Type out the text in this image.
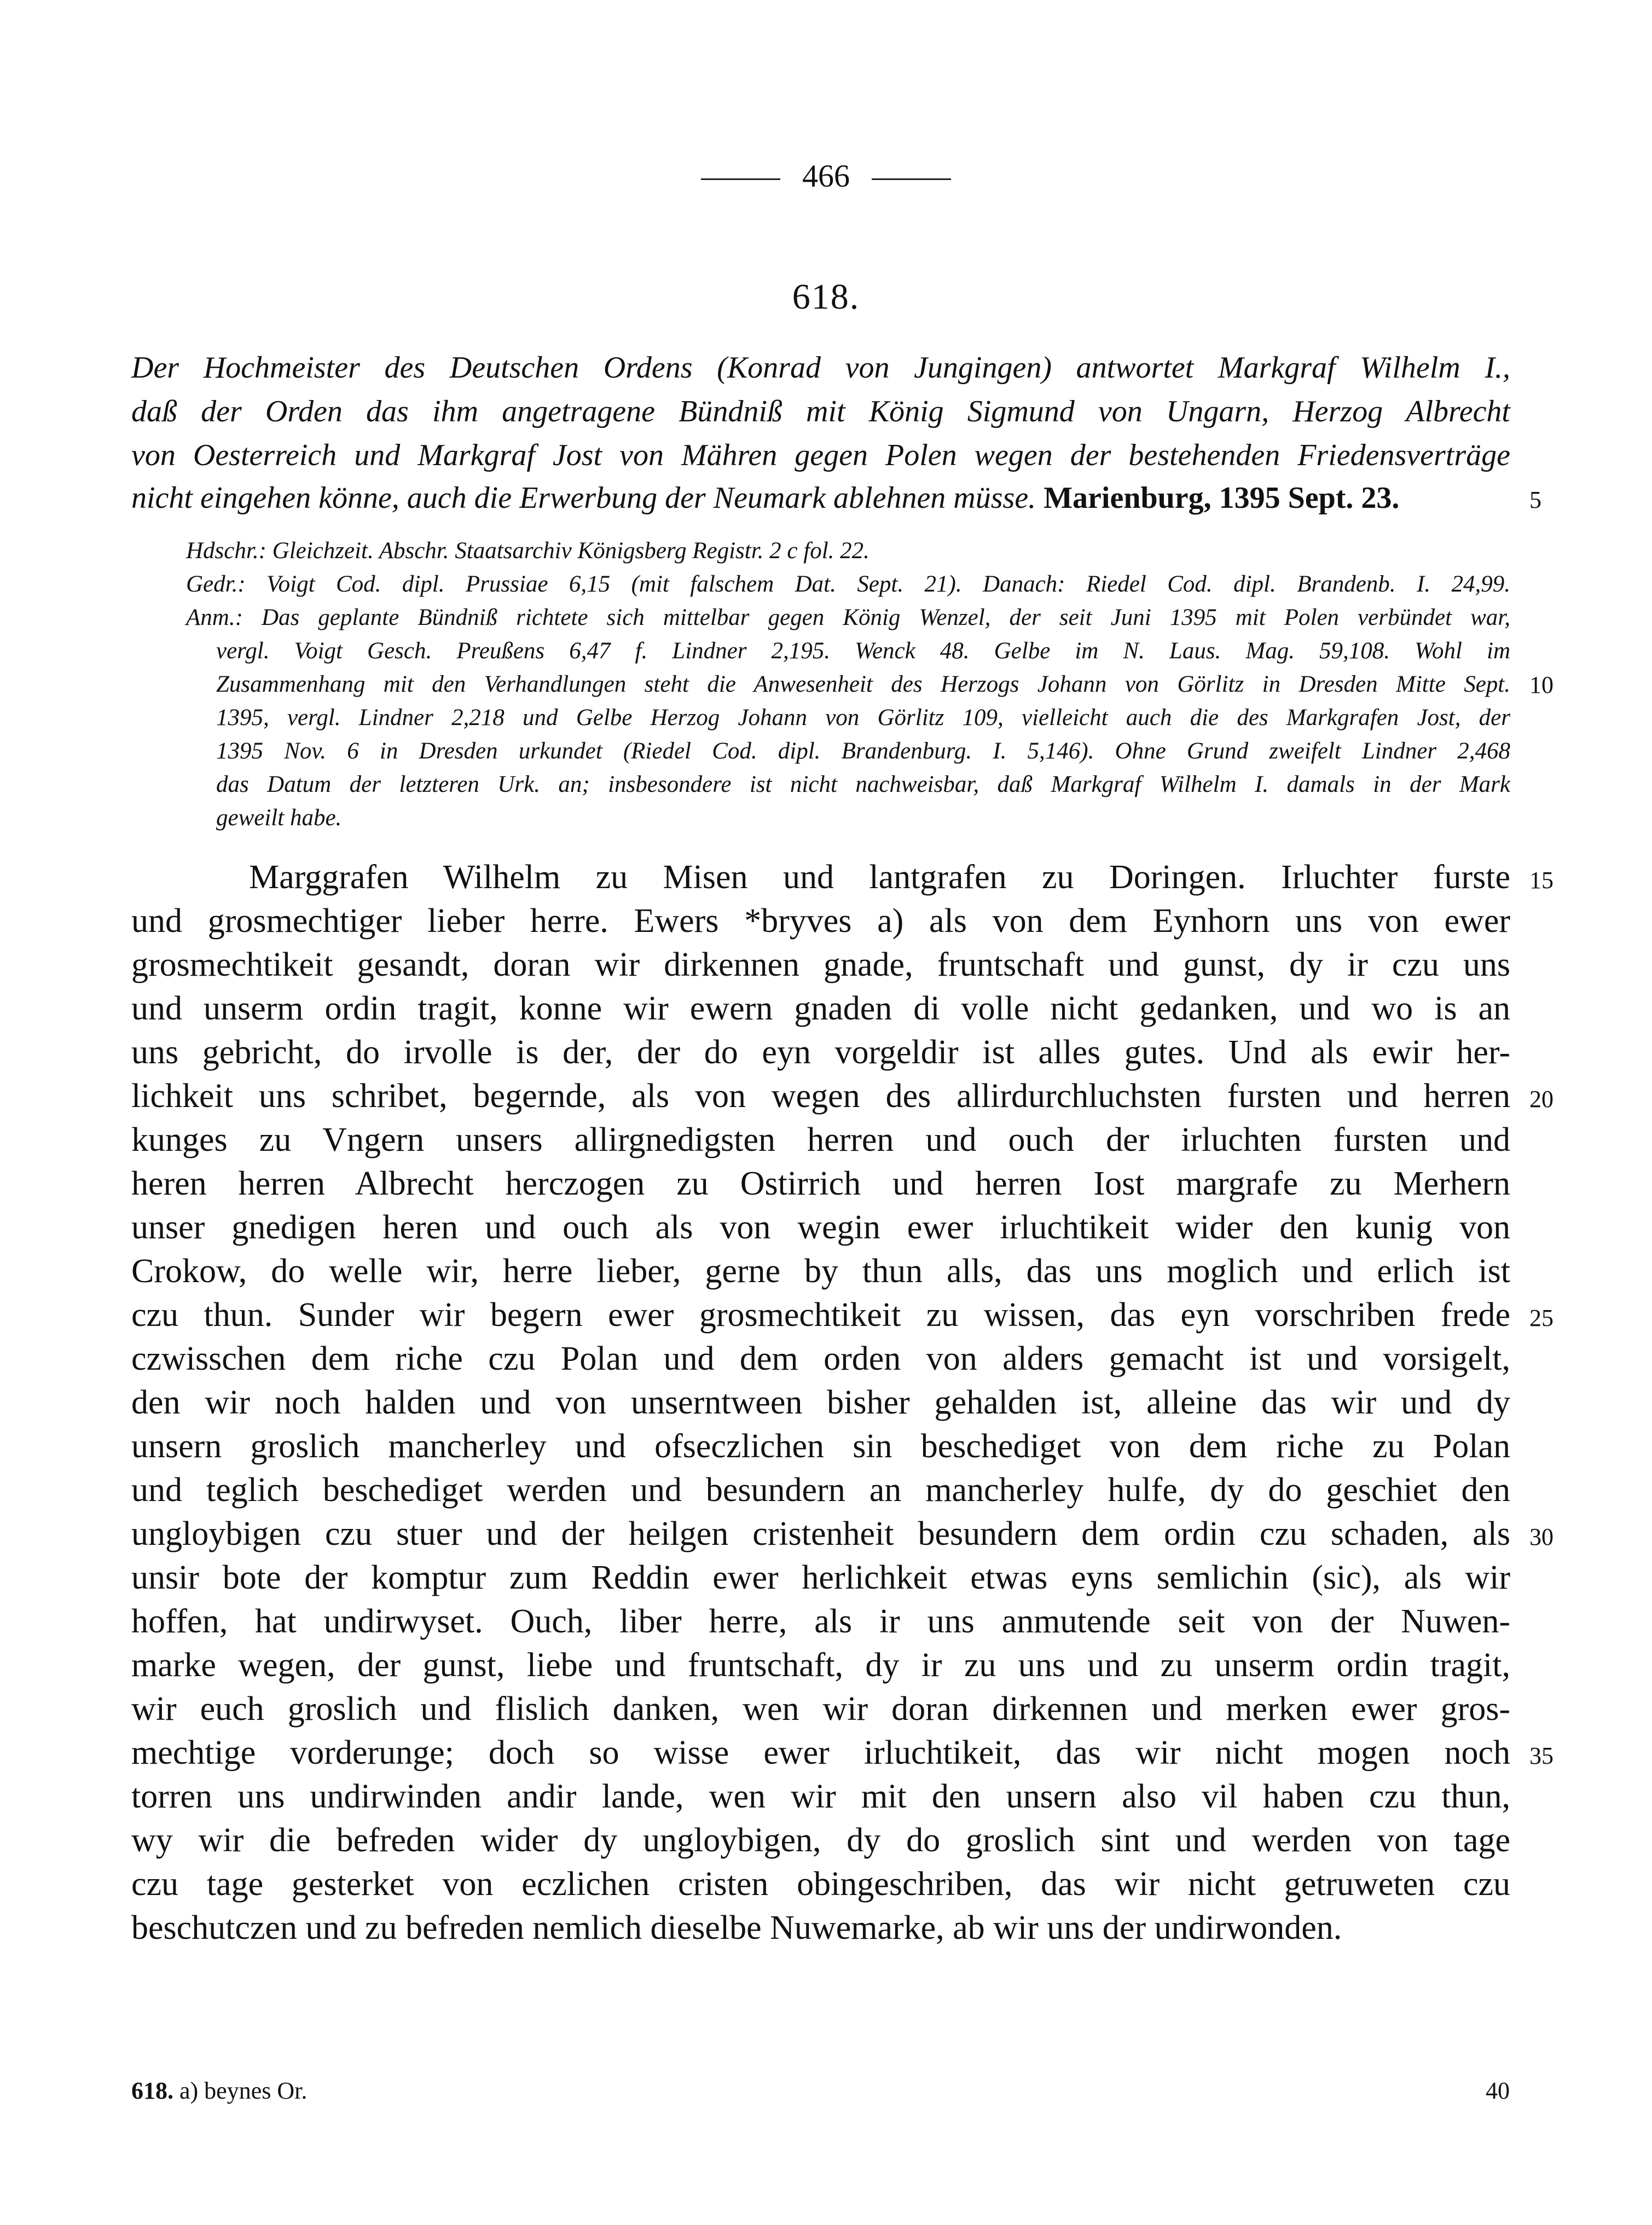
466
618.
Der Hochmeister des Deutschen Ordens (Konrad von Jungingen) antwortet Markgraf Wilhelm I.,
daß der Orden das ihm angetragene Bündniß mit König Sigmund von Ungarn, Herzog Albrecht
von Oesterreich und Markgraf Jost von Mähren gegen Polen wegen der bestehenden Friedensverträge
nicht eingehen könne, auch die Erwerbung der Neumark ablehnen müsse. Marienburg, 1395 Sept. 23.	5
Hdschr.: Gleichzeit. Abschr. Staatsarchiv Königsberg Registr. 2 c fol. 22.
Gedr.: Voigt Cod. dipl. Prussiae 6,15 (mit falschem Dat. Sept. 21). Danach: Riedel Cod. dipl. Brandenb. I. 24,99.
Anm.: Das geplante Bündniß richtete sich mittelbar gegen König Wenzel, der seit Juni 1395 mit Polen verbündet war,
vergl. Voigt Gesch. Preußens 6,47 f. Lindner 2,195. Wenck 48. Gelbe im N. Laus. Mag. 59,108. Wohl im
Zusammenhang mit den Verhandlungen steht die Anwesenheit des Herzogs Johann von Görlitz in Dresden Mitte Sept.
1395, vergl. Lindner 2,218 und Gelbe Herzog Johann von Görlitz 109, vielleicht auch die des Markgrafen Jost, der
1395 Nov. 6 in Dresden urkundet (Riedel Cod. dipl. Brandenburg. I. 5,146). Ohne Grund zweifelt Lindner 2,468
das Datum der letzteren Urk. an; insbesondere ist nicht nachweisbar, daß Markgraf Wilhelm I. damals in der Mark
geweilt habe.
10
Marggrafen Wilhelm zu Misen und lantgrafen zu Doringen. Irluchter furste
und grosmechtiger lieber herre. Ewers *bryves a) als von dem Eynhorn uns von ewer
grosmechtikeit gesandt, doran wir dirkennen gnade, fruntschaft und gunst, dy ir czu uns
und unserm ordin tragit, konne wir ewern gnaden di volle nicht gedanken, und wo is an
uns gebricht, do irvolle is der, der do eyn vorgeldir ist alles gutes. Und als ewir her-
lichkeit uns schribet, begernde, als von wegen des allirdurchluchsten fursten und herren
kunges zu Vngern unsers allirgnedigsten herren und ouch der irluchten fursten und
heren herren Albrecht herczogen zu Ostirrich und herren Iost margrafe zu Merhern
unser gnedigen heren und ouch als von wegin ewer irluchtikeit wider den kunig von
Crokow, do welle wir, herre lieber, gerne by thun alls, das uns moglich und erlich ist
czu thun. Sunder wir begern ewer grosmechtikeit zu wissen, das eyn vorschriben frede
czwisschen dem riche czu Polan und dem orden von alders gemacht ist und vorsigelt,
den wir noch halden und von unserntween bisher gehalden ist, alleine das wir und dy
unsern groslich mancherley und ofseczlichen sin beschediget von dem riche zu Polan
und teglich beschediget werden und besundern an mancherley hulfe, dy do geschiet den
ungloybigen czu stuer und der heilgen cristenheit besundern dem ordin czu schaden, als
unsir bote der komptur zum Reddin ewer herlichkeit etwas eyns semlichin (sic), als wir
hoffen, hat undirwyset. Ouch, liber herre, als ir uns anmutende seit von der Nuwen-
marke wegen, der gunst, liebe und fruntschaft, dy ir zu uns und zu unserm ordin tragit,
wir euch groslich und flislich danken, wen wir doran dirkennen und merken ewer gros-
mechtige vorderunge; doch so wisse ewer irluchtikeit, das wir nicht mogen noch
torren uns undirwinden andir lande, wen wir mit den unsern also vil haben czu thun,
wy wir die befreden wider dy ungloybigen, dy do groslich sint und werden von tage
czu tage gesterket von eczlichen cristen obingeschriben, das wir nicht getruweten czu
beschutczen und zu befreden nemlich dieselbe Nuwemarke, ab wir uns der undirwonden.
15
20
25
30
35
618. a) beynes Or.	40
